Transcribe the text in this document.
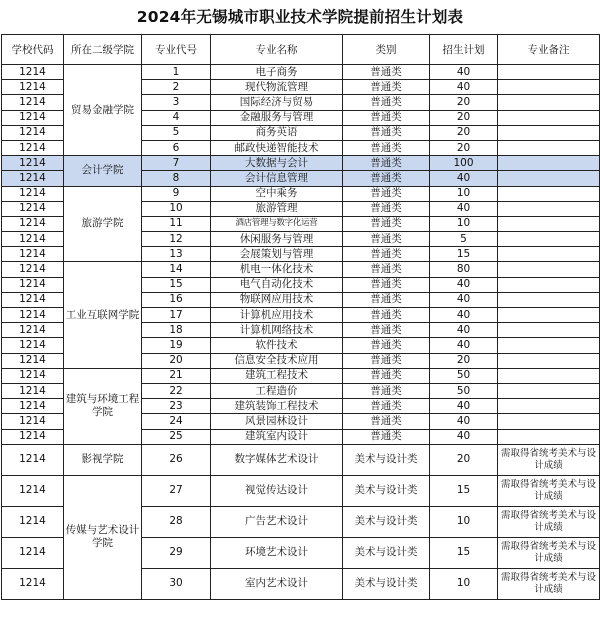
2024年无锡城市职业技术学院提前招生计划表
学校代码	所在二级学院	专业代号	专业名称	类别	招生计划	专业备注
1214	贸易金融学院	1	电子商务	普通类	40	
1214		2	现代物流管理	普通类	40	
1214		3	国际经济与贸易	普通类	20	
1214		4	金融服务与管理	普通类	20	
1214		5	商务英语	普通类	20	
1214		6	邮政快递智能技术	普通类	20	
1214	会计学院	7	大数据与会计	普通类	100	
1214		8	会计信息管理	普通类	40	
1214	旅游学院	9	空中乘务	普通类	10	
1214		10	旅游管理	普通类	40	
1214		11	酒店管理与数字化运营	普通类	10	
1214		12	休闲服务与管理	普通类	5	
1214		13	会展策划与管理	普通类	15	
1214	工业互联网学院	14	机电一体化技术	普通类	80	
1214		15	电气自动化技术	普通类	40	
1214		16	物联网应用技术	普通类	40	
1214		17	计算机应用技术	普通类	40	
1214		18	计算机网络技术	普通类	40	
1214		19	软件技术	普通类	40	
1214		20	信息安全技术应用	普通类	20	
1214	建筑与环境工程学院	21	建筑工程技术	普通类	50	
1214		22	工程造价	普通类	50	
1214		23	建筑装饰工程技术	普通类	40	
1214		24	风景园林设计	普通类	40	
1214		25	建筑室内设计	普通类	40	
1214	影视学院	26	数字媒体艺术设计	美术与设计类	20	需取得省统考美术与设计成绩
1214	传媒与艺术设计学院	27	视觉传达设计	美术与设计类	15	需取得省统考美术与设计成绩
1214		28	广告艺术设计	美术与设计类	10	需取得省统考美术与设计成绩
1214		29	环境艺术设计	美术与设计类	15	需取得省统考美术与设计成绩
1214		30	室内艺术设计	美术与设计类	10	需取得省统考美术与设计成绩
